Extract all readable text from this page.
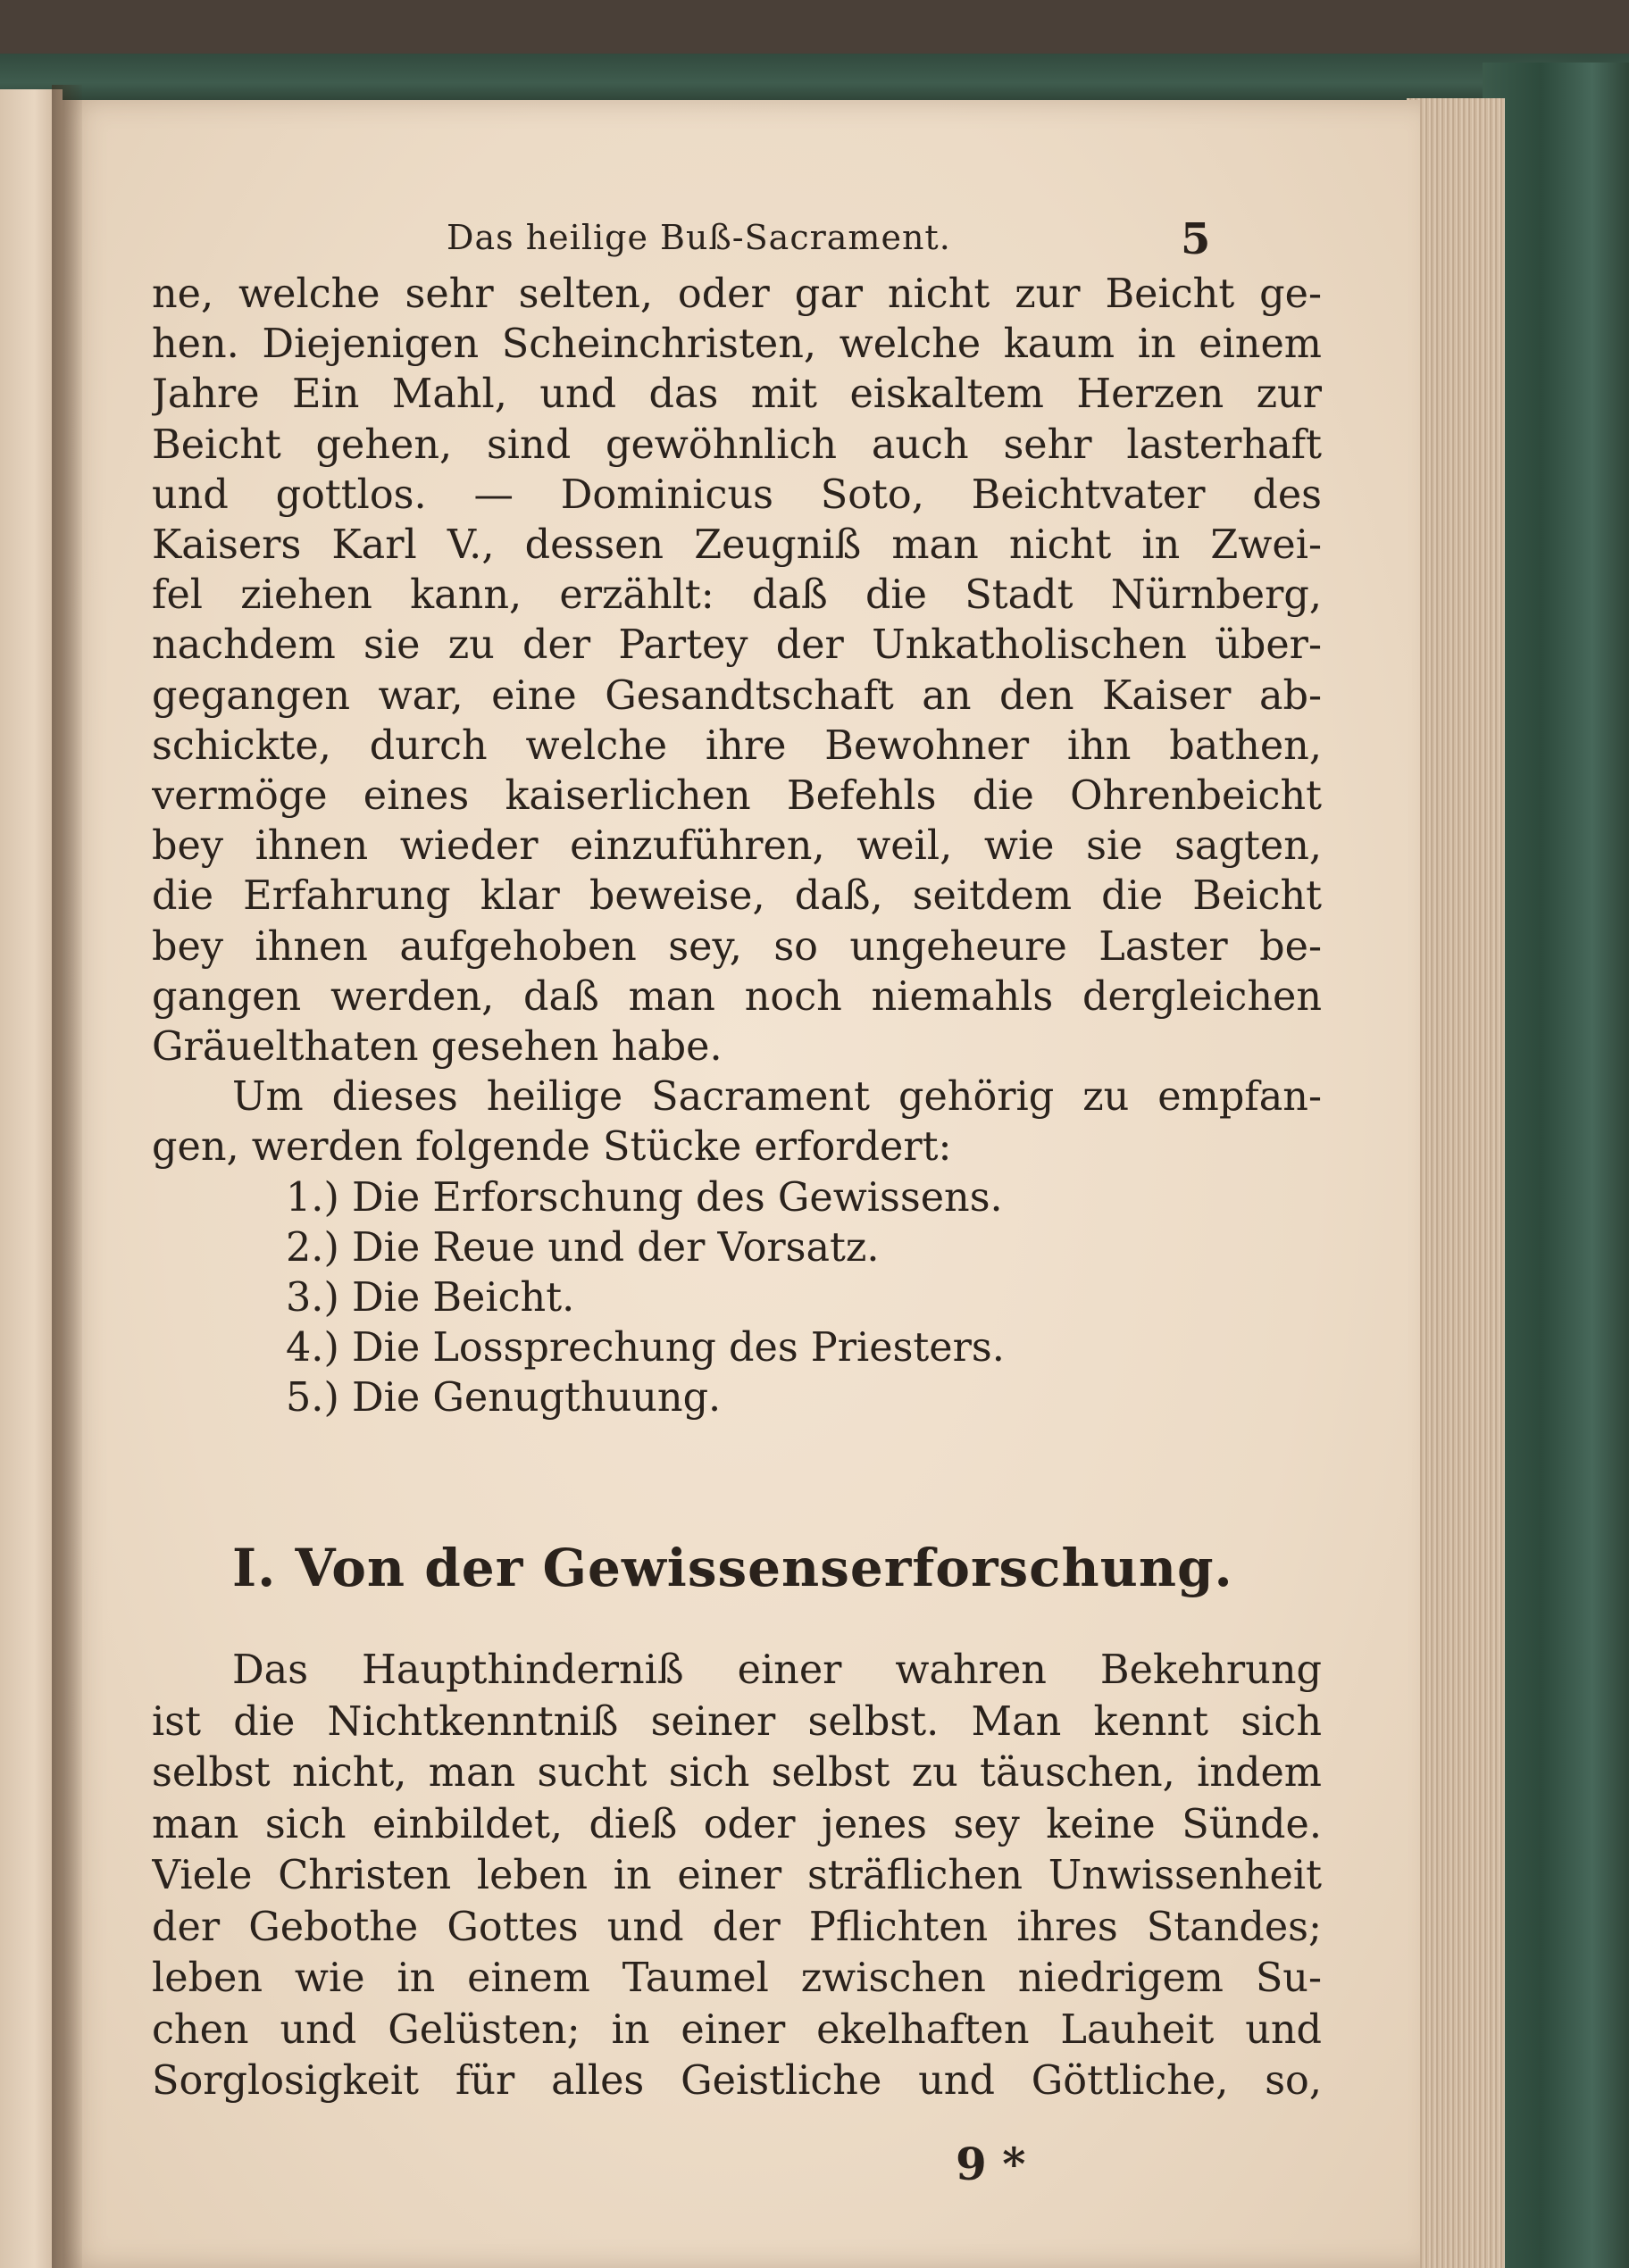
Das heilige Buß-Sacrament.	5
ne, welche sehr selten, oder gar nicht zur Beicht ge-
hen. Diejenigen Scheinchristen, welche kaum in einem
Jahre Ein Mahl, und das mit eiskaltem Herzen zur
Beicht gehen, sind gewöhnlich auch sehr lasterhaft
und gottlos. — Dominicus Soto, Beichtvater des
Kaisers Karl V., dessen Zeugniß man nicht in Zwei-
fel ziehen kann, erzählt: daß die Stadt Nürnberg,
nachdem sie zu der Partey der Unkatholischen über-
gegangen war, eine Gesandtschaft an den Kaiser ab-
schickte, durch welche ihre Bewohner ihn bathen,
vermöge eines kaiserlichen Befehls die Ohrenbeicht
bey ihnen wieder einzuführen, weil, wie sie sagten,
die Erfahrung klar beweise, daß, seitdem die Beicht
bey ihnen aufgehoben sey, so ungeheure Laster be-
gangen werden, daß man noch niemahls dergleichen
Gräuelthaten gesehen habe.
Um dieses heilige Sacrament gehörig zu empfan-
gen, werden folgende Stücke erfordert:
1.) Die Erforschung des Gewissens.
2.) Die Reue und der Vorsatz.
3.) Die Beicht.
4.) Die Lossprechung des Priesters.
5.) Die Genugthuung.
I. Von der Gewissenserforschung.
Das Haupthinderniß einer wahren Bekehrung
ist die Nichtkenntniß seiner selbst. Man kennt sich
selbst nicht, man sucht sich selbst zu täuschen, indem
man sich einbildet, dieß oder jenes sey keine Sünde.
Viele Christen leben in einer sträflichen Unwissenheit
der Gebothe Gottes und der Pflichten ihres Standes;
leben wie in einem Taumel zwischen niedrigem Su-
chen und Gelüsten; in einer ekelhaften Lauheit und
Sorglosigkeit für alles Geistliche und Göttliche, so,
9 *
